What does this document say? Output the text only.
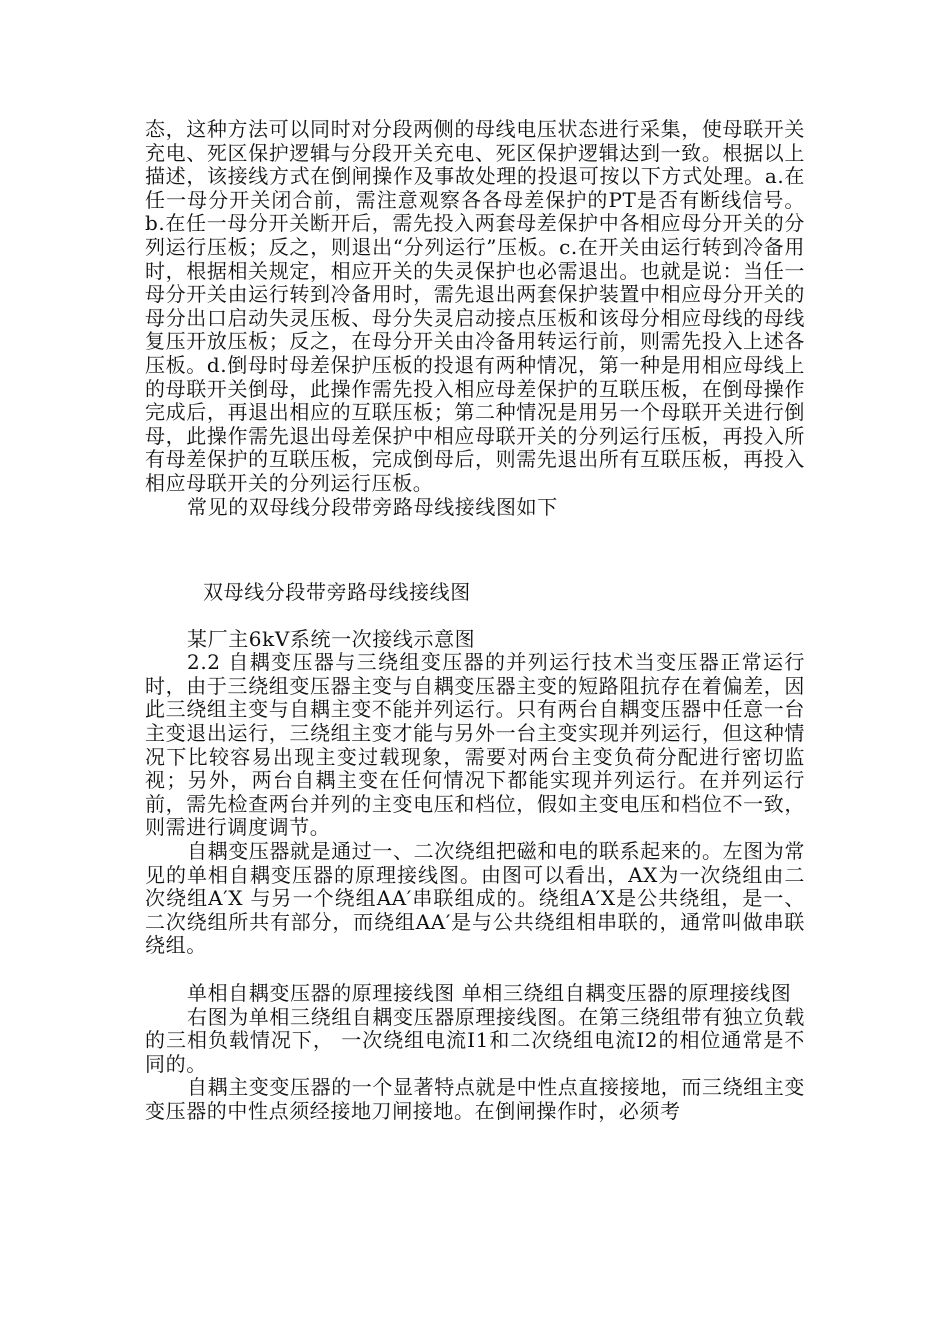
态，这种方法可以同时对分段两侧的母线电压状态进行采集，使母联开关充电、死区保护逻辑与分段开关充电、死区保护逻辑达到一致。根据以上描述，该接线方式在倒闸操作及事故处理的投退可按以下方式处理。a.在任一母分开关闭合前，需注意观察各各母差保护的PT是否有断线信号。b.在任一母分开关断开后，需先投入两套母差保护中各相应母分开关的分列运行压板；反之，则退出“分列运行”压板。c.在开关由运行转到冷备用时，根据相关规定，相应开关的失灵保护也必需退出。也就是说：当任一母分开关由运行转到冷备用时，需先退出两套保护装置中相应母分开关的母分出口启动失灵压板、母分失灵启动接点压板和该母分相应母线的母线复压开放压板；反之，在母分开关由冷备用转运行前，则需先投入上述各压板。d.倒母时母差保护压板的投退有两种情况，第一种是用相应母线上的母联开关倒母，此操作需先投入相应母差保护的互联压板，在倒母操作完成后，再退出相应的互联压板；第二种情况是用另一个母联开关进行倒母，此操作需先退出母差保护中相应母联开关的分列运行压板，再投入所有母差保护的互联压板，完成倒母后，则需先退出所有互联压板，再投入相应母联开关的分列运行压板。

常见的双母线分段带旁路母线接线图如下

双母线分段带旁路母线接线图

某厂主6kV系统一次接线示意图

2.2 自耦变压器与三绕组变压器的并列运行技术当变压器正常运行时，由于三绕组变压器主变与自耦变压器主变的短路阻抗存在着偏差，因此三绕组主变与自耦主变不能并列运行。只有两台自耦变压器中任意一台主变退出运行，三绕组主变才能与另外一台主变实现并列运行，但这种情况下比较容易出现主变过载现象，需要对两台主变负荷分配进行密切监视；另外，两台自耦主变在任何情况下都能实现并列运行。在并列运行前，需先检查两台并列的主变电压和档位，假如主变电压和档位不一致，则需进行调度调节。

自耦变压器就是通过一、二次绕组把磁和电的联系起来的。左图为常见的单相自耦变压器的原理接线图。由图可以看出，AX为一次绕组由二次绕组A′X 与另一个绕组AA′串联组成的。绕组A′X是公共绕组，是一、二次绕组所共有部分，而绕组AA′是与公共绕组相串联的，通常叫做串联绕组。

单相自耦变压器的原理接线图 单相三绕组自耦变压器的原理接线图

右图为单相三绕组自耦变压器原理接线图。在第三绕组带有独立负载的三相负载情况下， 一次绕组电流I1和二次绕组电流I2的相位通常是不同的。

自耦主变变压器的一个显著特点就是中性点直接接地，而三绕组主变变压器的中性点须经接地刀闸接地。在倒闸操作时，必须考
